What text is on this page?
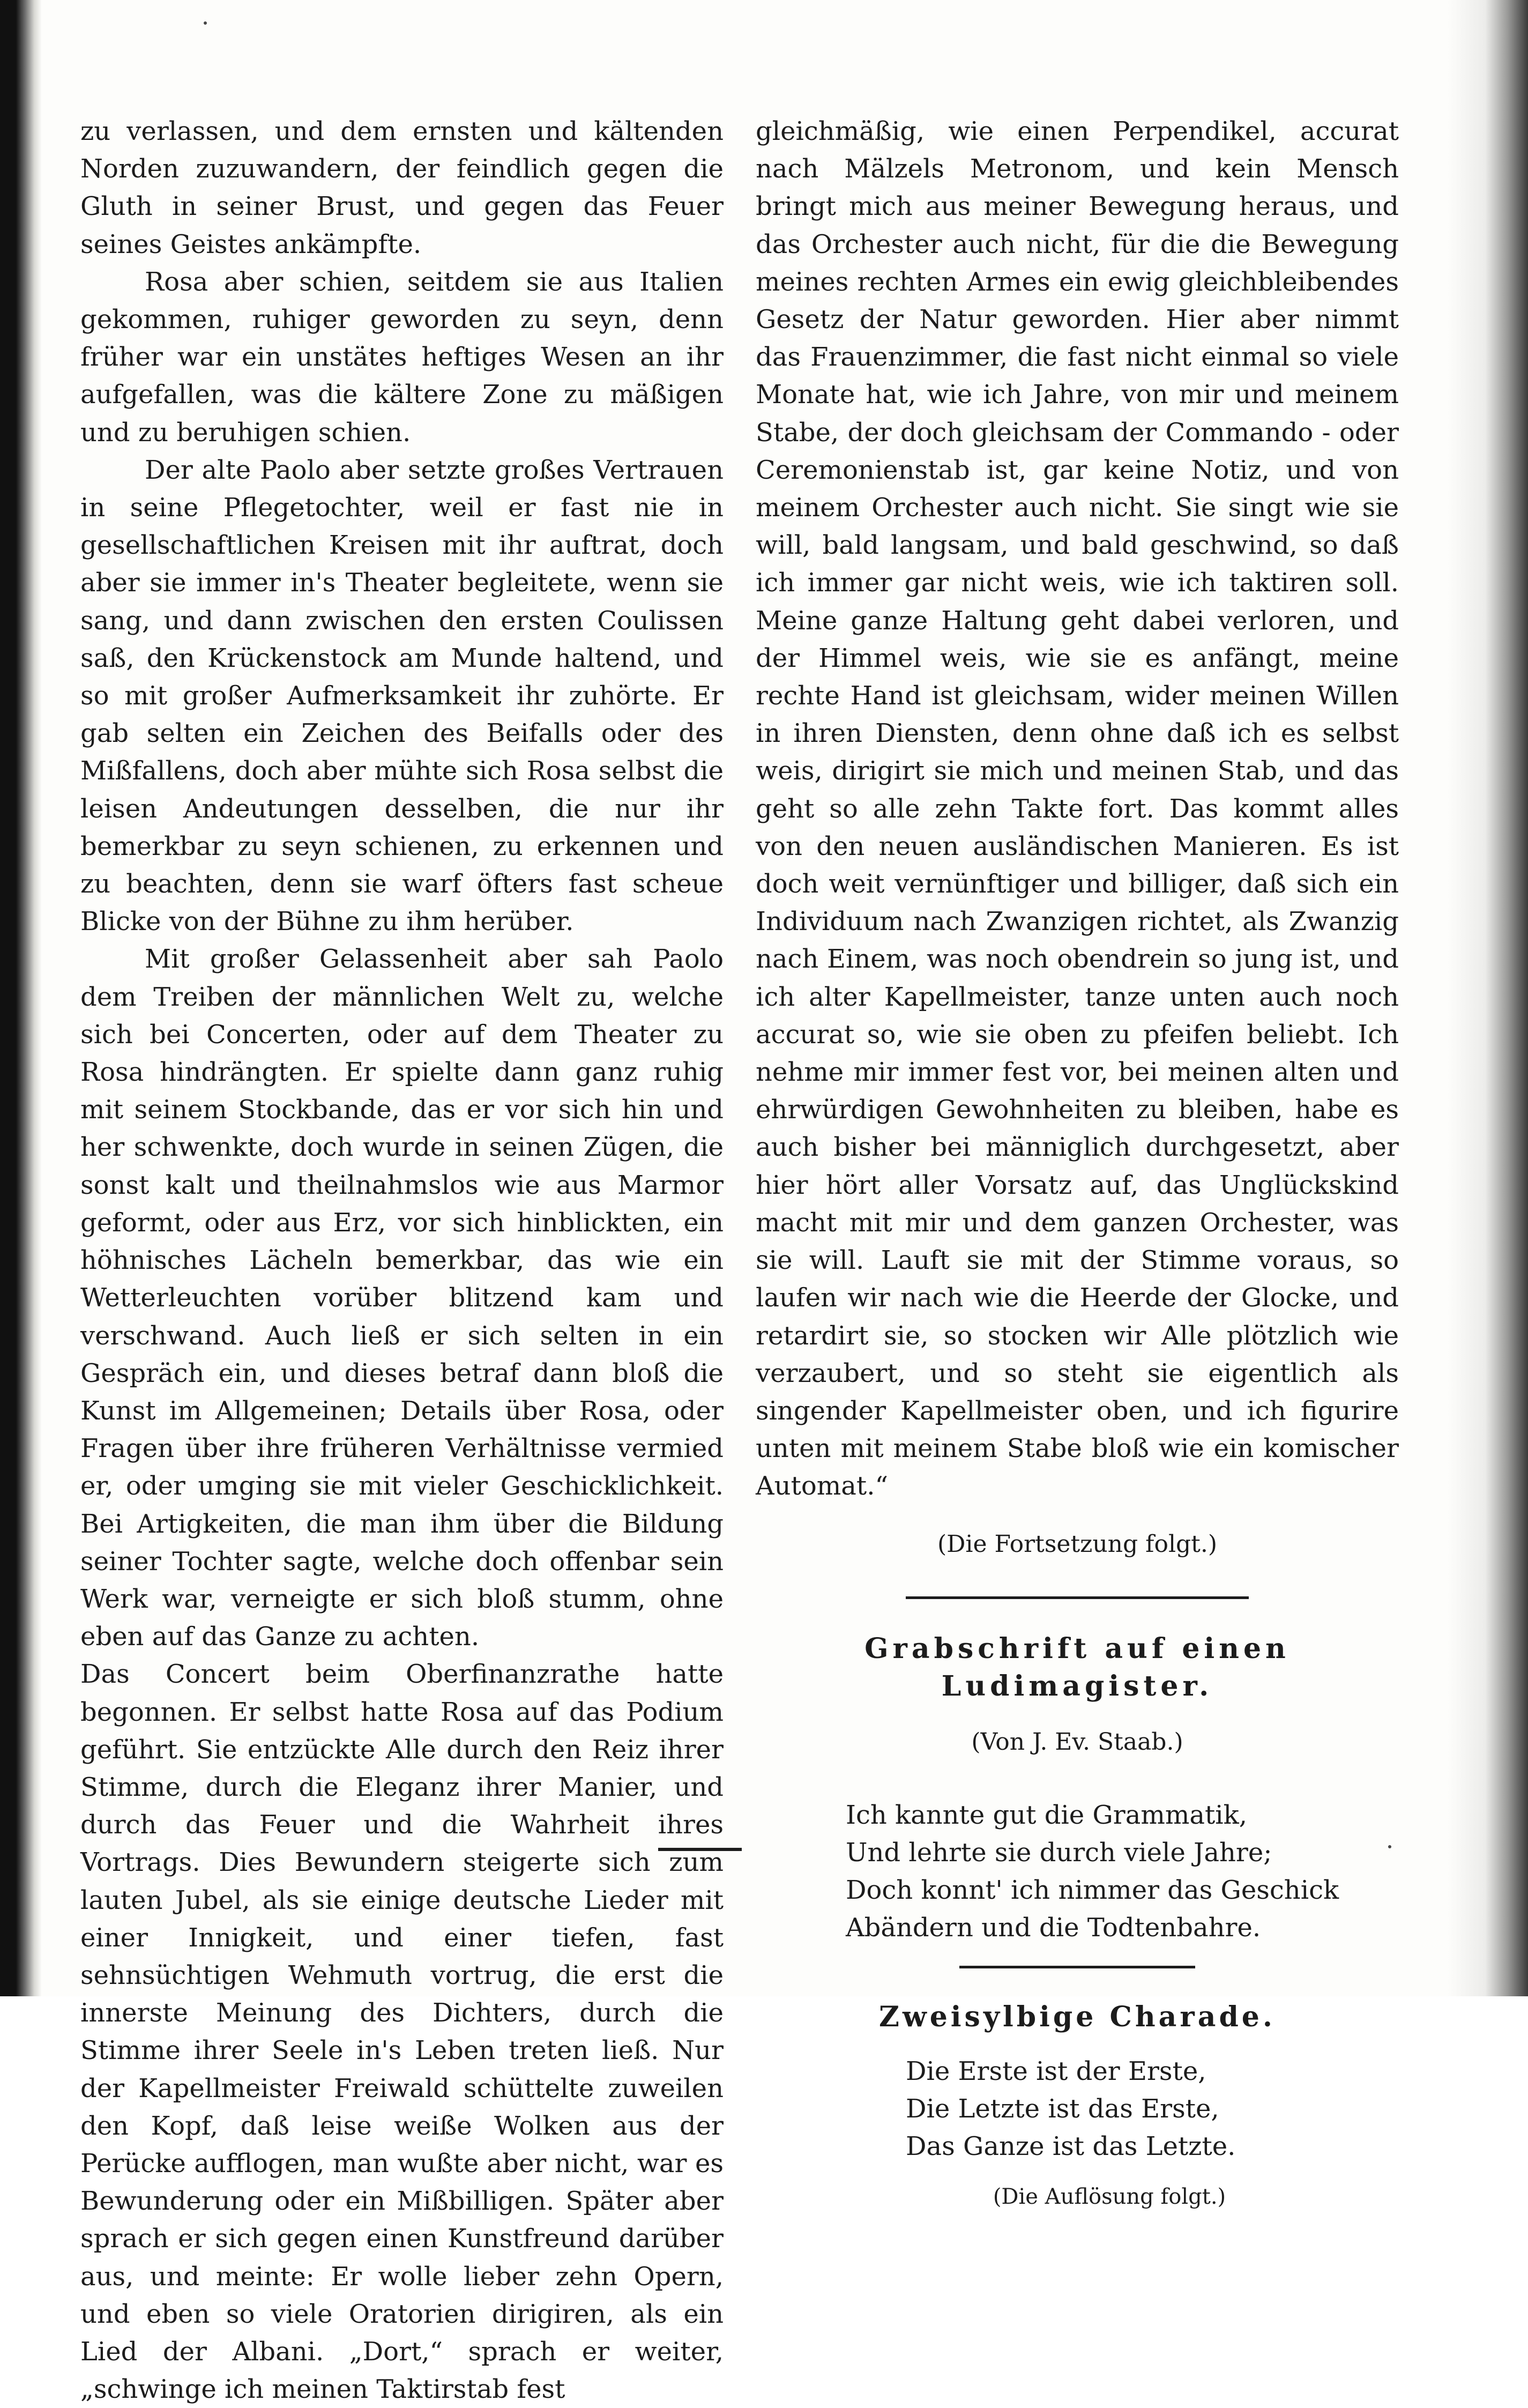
zu verlassen, und dem ernsten und kältenden Norden zuzuwandern, der feindlich gegen die Gluth in seiner Brust, und gegen das Feuer seines Geistes ankämpfte.

Rosa aber schien, seitdem sie aus Italien gekommen, ruhiger geworden zu seyn, denn früher war ein unstätes heftiges Wesen an ihr aufgefallen, was die kältere Zone zu mäßigen und zu beruhigen schien.

Der alte Paolo aber setzte großes Vertrauen in seine Pflegetochter, weil er fast nie in gesellschaftlichen Kreisen mit ihr auftrat, doch aber sie immer in's Theater begleitete, wenn sie sang, und dann zwischen den ersten Coulissen saß, den Krückenstock am Munde haltend, und so mit großer Aufmerksamkeit ihr zuhörte. Er gab selten ein Zeichen des Beifalls oder des Mißfallens, doch aber mühte sich Rosa selbst die leisen Andeutungen desselben, die nur ihr bemerkbar zu seyn schienen, zu erkennen und zu beachten, denn sie warf öfters fast scheue Blicke von der Bühne zu ihm herüber.

Mit großer Gelassenheit aber sah Paolo dem Treiben der männlichen Welt zu, welche sich bei Concerten, oder auf dem Theater zu Rosa hindrängten. Er spielte dann ganz ruhig mit seinem Stockbande, das er vor sich hin und her schwenkte, doch wurde in seinen Zügen, die sonst kalt und theilnahmslos wie aus Marmor geformt, oder aus Erz, vor sich hinblickten, ein höhnisches Lächeln bemerkbar, das wie ein Wetterleuchten vorüber blitzend kam und verschwand. Auch ließ er sich selten in ein Gespräch ein, und dieses betraf dann bloß die Kunst im Allgemeinen; Details über Rosa, oder Fragen über ihre früheren Verhältnisse vermied er, oder umging sie mit vieler Geschicklichkeit. Bei Artigkeiten, die man ihm über die Bildung seiner Tochter sagte, welche doch offenbar sein Werk war, verneigte er sich bloß stumm, ohne eben auf das Ganze zu achten.

Das Concert beim Oberfinanzrathe hatte begonnen. Er selbst hatte Rosa auf das Podium geführt. Sie entzückte Alle durch den Reiz ihrer Stimme, durch die Eleganz ihrer Manier, und durch das Feuer und die Wahrheit ihres Vortrags. Dies Bewundern steigerte sich zum lauten Jubel, als sie einige deutsche Lieder mit einer Innigkeit, und einer tiefen, fast sehnsüchtigen Wehmuth vortrug, die erst die innerste Meinung des Dichters, durch die Stimme ihrer Seele in's Leben treten ließ. Nur der Kapellmeister Freiwald schüttelte zuweilen den Kopf, daß leise weiße Wolken aus der Perücke aufflogen, man wußte aber nicht, war es Bewunderung oder ein Mißbilligen. Später aber sprach er sich gegen einen Kunstfreund darüber aus, und meinte: Er wolle lieber zehn Opern, und eben so viele Oratorien dirigiren, als ein Lied der Albani. „Dort,“ sprach er weiter, „schwinge ich meinen Taktirstab fest

gleichmäßig, wie einen Perpendikel, accurat nach Mälzels Metronom, und kein Mensch bringt mich aus meiner Bewegung heraus, und das Orchester auch nicht, für die die Bewegung meines rechten Armes ein ewig gleichbleibendes Gesetz der Natur geworden. Hier aber nimmt das Frauenzimmer, die fast nicht einmal so viele Monate hat, wie ich Jahre, von mir und meinem Stabe, der doch gleichsam der Commando - oder Ceremonienstab ist, gar keine Notiz, und von meinem Orchester auch nicht. Sie singt wie sie will, bald langsam, und bald geschwind, so daß ich immer gar nicht weis, wie ich taktiren soll. Meine ganze Haltung geht dabei verloren, und der Himmel weis, wie sie es anfängt, meine rechte Hand ist gleichsam, wider meinen Willen in ihren Diensten, denn ohne daß ich es selbst weis, dirigirt sie mich und meinen Stab, und das geht so alle zehn Takte fort. Das kommt alles von den neuen ausländischen Manieren. Es ist doch weit vernünftiger und billiger, daß sich ein Individuum nach Zwanzigen richtet, als Zwanzig nach Einem, was noch obendrein so jung ist, und ich alter Kapellmeister, tanze unten auch noch accurat so, wie sie oben zu pfeifen beliebt. Ich nehme mir immer fest vor, bei meinen alten und ehrwürdigen Gewohnheiten zu bleiben, habe es auch bisher bei männiglich durchgesetzt, aber hier hört aller Vorsatz auf, das Unglückskind macht mit mir und dem ganzen Orchester, was sie will. Lauft sie mit der Stimme voraus, so laufen wir nach wie die Heerde der Glocke, und retardirt sie, so stocken wir Alle plötzlich wie verzaubert, und so steht sie eigentlich als singender Kapellmeister oben, und ich figurire unten mit meinem Stabe bloß wie ein komischer Automat.“

(Die Fortsetzung folgt.)
Grabschrift auf einen Ludimagister.
(Von J. Ev. Staab.)
Ich kannte gut die Grammatik,
Und lehrte sie durch viele Jahre;
Doch konnt' ich nimmer das Geschick
Abändern und die Todtenbahre.
Zweisylbige Charade.
Die Erste ist der Erste,
Die Letzte ist das Erste,
Das Ganze ist das Letzte.
(Die Auflösung folgt.)
